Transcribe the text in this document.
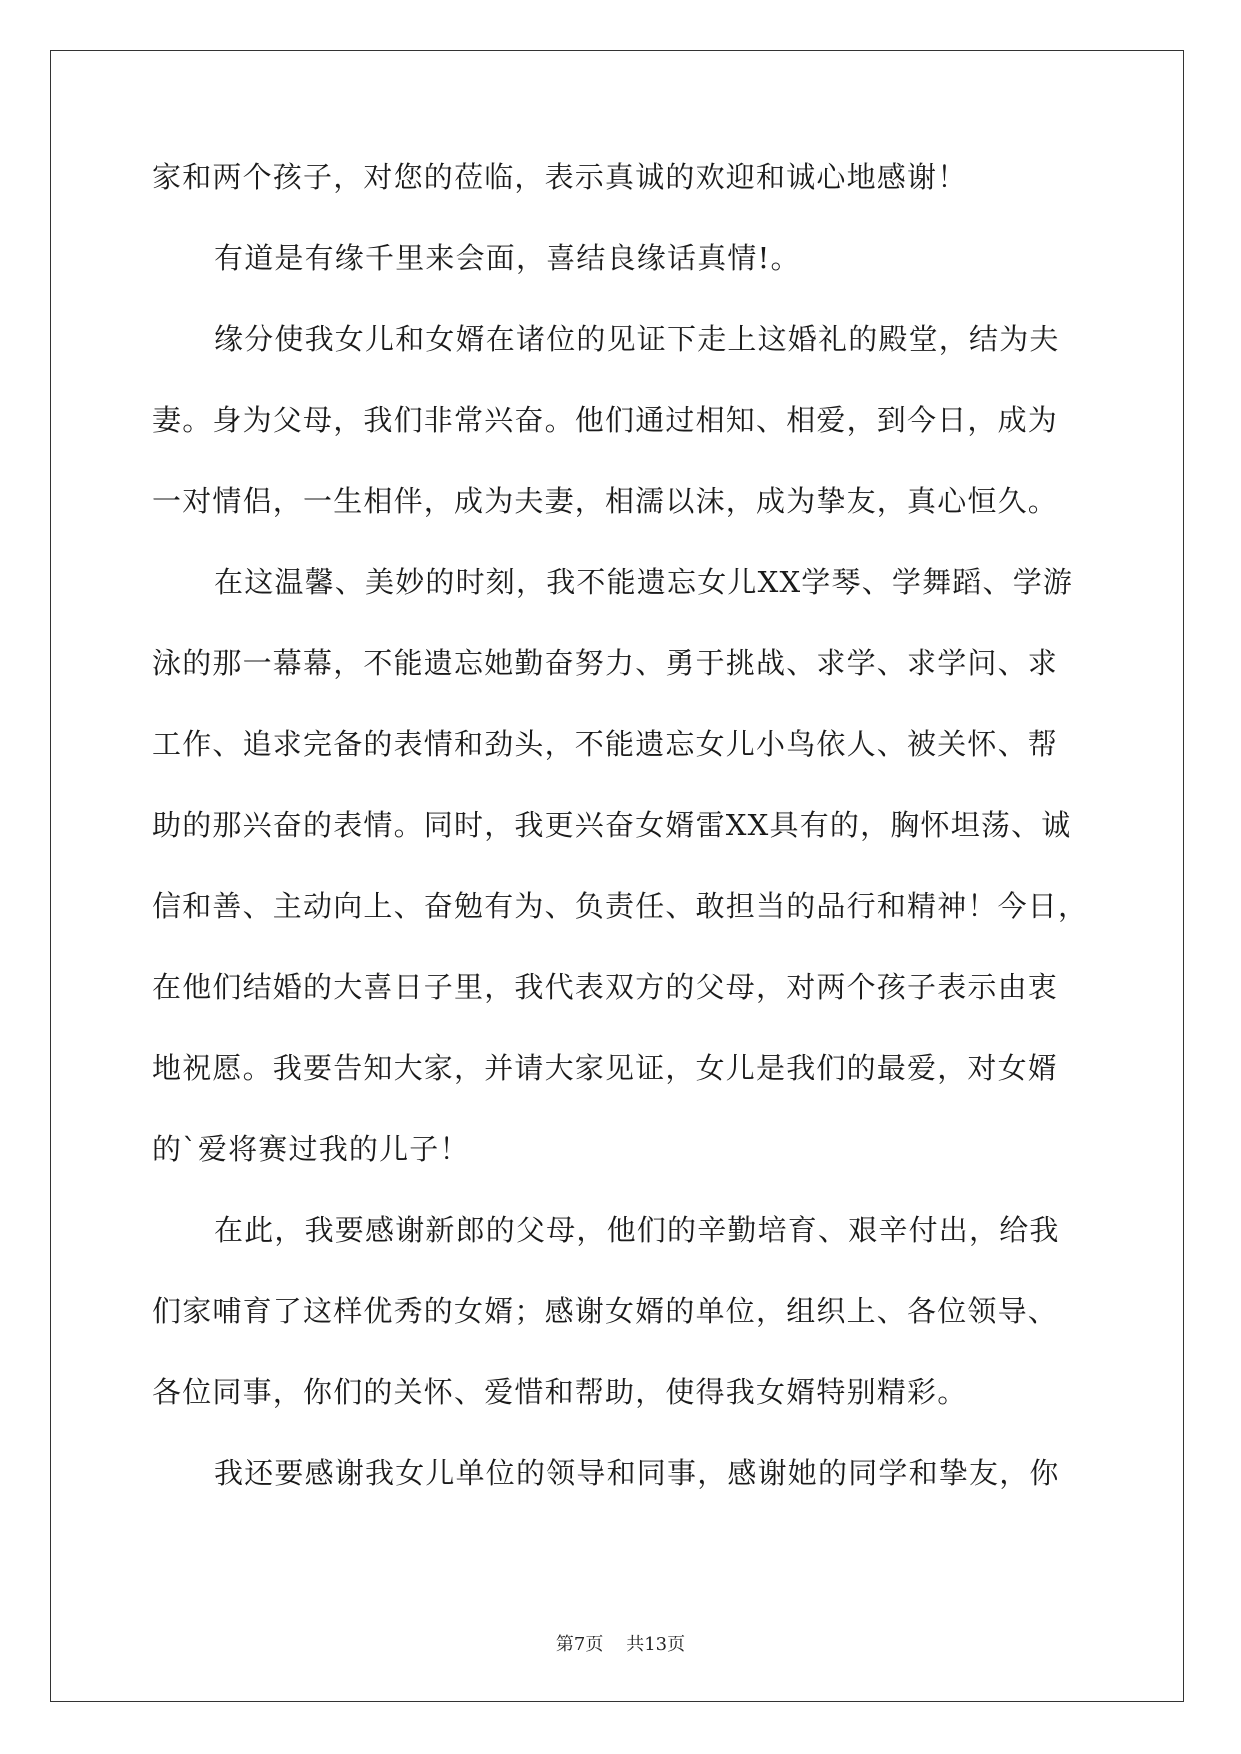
家和两个孩子，对您的莅临，表示真诚的欢迎和诚心地感谢！
有道是有缘千里来会面，喜结良缘话真情!。
缘分使我女儿和女婿在诸位的见证下走上这婚礼的殿堂，结为夫
妻。身为父母，我们非常兴奋。他们通过相知、相爱，到今日，成为
一对情侣，一生相伴，成为夫妻，相濡以沫，成为挚友，真心恒久。
在这温馨、美妙的时刻，我不能遗忘女儿XX学琴、学舞蹈、学游
泳的那一幕幕，不能遗忘她勤奋努力、勇于挑战、求学、求学问、求
工作、追求完备的表情和劲头，不能遗忘女儿小鸟依人、被关怀、帮
助的那兴奋的表情。同时，我更兴奋女婿雷XX具有的，胸怀坦荡、诚
信和善、主动向上、奋勉有为、负责任、敢担当的品行和精神！今日，
在他们结婚的大喜日子里，我代表双方的父母，对两个孩子表示由衷
地祝愿。我要告知大家，并请大家见证，女儿是我们的最爱，对女婿
的`爱将赛过我的儿子！
在此，我要感谢新郎的父母，他们的辛勤培育、艰辛付出，给我
们家哺育了这样优秀的女婿；感谢女婿的单位，组织上、各位领导、
各位同事，你们的关怀、爱惜和帮助，使得我女婿特别精彩。
我还要感谢我女儿单位的领导和同事，感谢她的同学和挚友，你
第7页 共13页
